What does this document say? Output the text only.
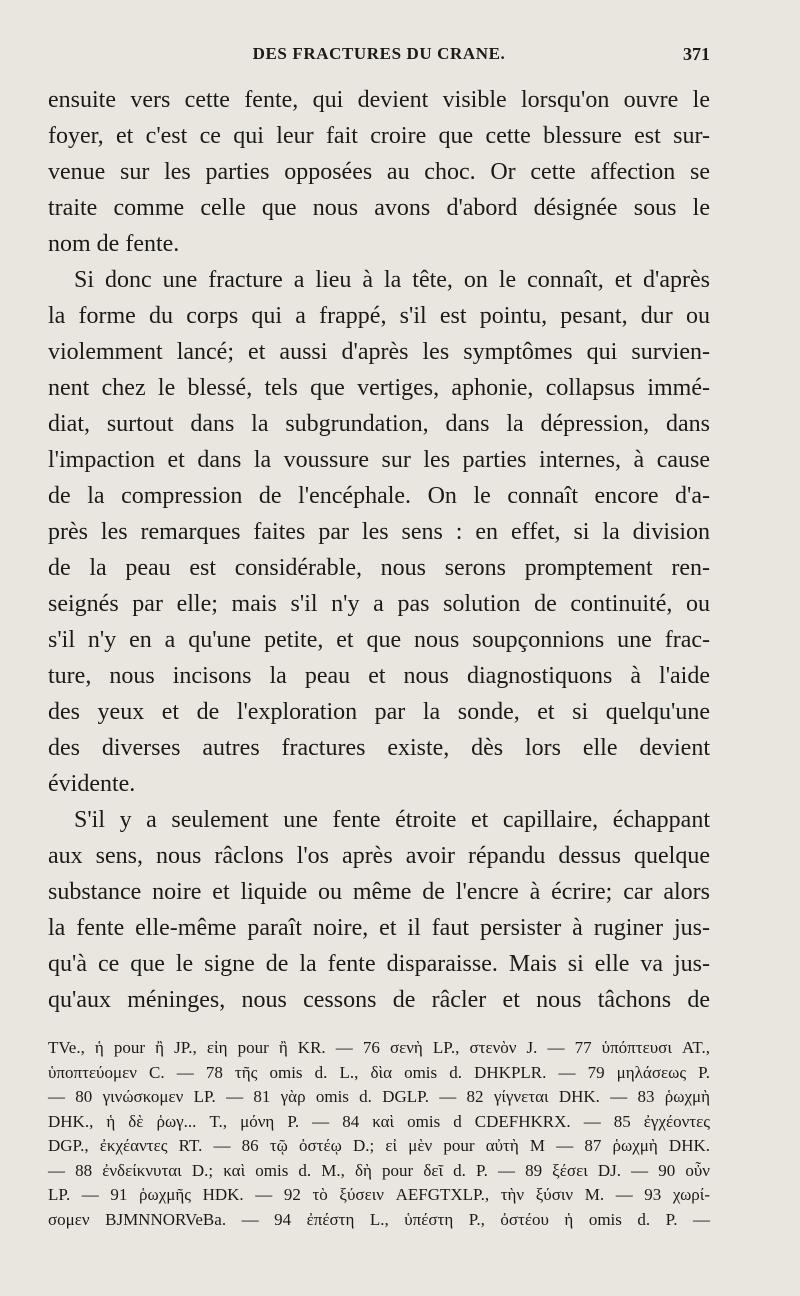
DES FRACTURES DU CRANE.	371
ensuite vers cette fente, qui devient visible lorsqu'on ouvre le
foyer, et c'est ce qui leur fait croire que cette blessure est sur-
venue sur les parties opposées au choc. Or cette affection se
traite comme celle que nous avons d'abord désignée sous le
nom de fente.
Si donc une fracture a lieu à la tête, on le connaît, et d'après
la forme du corps qui a frappé, s'il est pointu, pesant, dur ou
violemment lancé; et aussi d'après les symptômes qui survien-
nent chez le blessé, tels que vertiges, aphonie, collapsus immé-
diat, surtout dans la subgrundation, dans la dépression, dans
l'impaction et dans la voussure sur les parties internes, à cause
de la compression de l'encéphale. On le connaît encore d'a-
près les remarques faites par les sens : en effet, si la division
de la peau est considérable, nous serons promptement ren-
seignés par elle; mais s'il n'y a pas solution de continuité, ou
s'il n'y en a qu'une petite, et que nous soupçonnions une frac-
ture, nous incisons la peau et nous diagnostiquons à l'aide
des yeux et de l'exploration par la sonde, et si quelqu'une
des diverses autres fractures existe, dès lors elle devient
évidente.
S'il y a seulement une fente étroite et capillaire, échappant
aux sens, nous râclons l'os après avoir répandu dessus quelque
substance noire et liquide ou même de l'encre à écrire; car alors
la fente elle-même paraît noire, et il faut persister à ruginer jus-
qu'à ce que le signe de la fente disparaisse. Mais si elle va jus-
qu'aux méninges, nous cessons de râcler et nous tâchons de
TVe., ἡ pour ἢ JP., εἰη pour ἢ KR. — 76 σενὴ LP., στενὸν J. — 77 ὑπόπτευσι AT.,
ὑποπτεύομεν C. — 78 τῆς omis d. L., δὶα omis d. DHKPLR. — 79 μηλάσεως P.
— 80 γινώσκομεν LP. — 81 γὰρ omis d. DGLP. — 82 γίγνεται DHK. — 83 ῥωχμὴ
DHK., ἡ δὲ ῥωγ... T., μόνη P. — 84 καὶ omis d CDEFHKRX. — 85 ἐγχέοντες
DGP., ἐκχέαντες RT. — 86 τῷ ὀστέῳ D.; εἰ μὲν pour αὐτὴ M — 87 ῥωχμὴ DHK.
— 88 ἐνδείκνυται D.; καὶ omis d. M., δὴ pour δεῖ d. P. — 89 ξέσει DJ. — 90 οὖν
LP. — 91 ῥωχμῆς HDK. — 92 τὸ ξύσειν AEFGTXLP., τὴν ξύσιν M. — 93 χωρί-
σομεν BJMNNORVeBa. — 94 ἐπέστη L., ὑπέστη P., ὀστέου ἡ omis d. P. —
